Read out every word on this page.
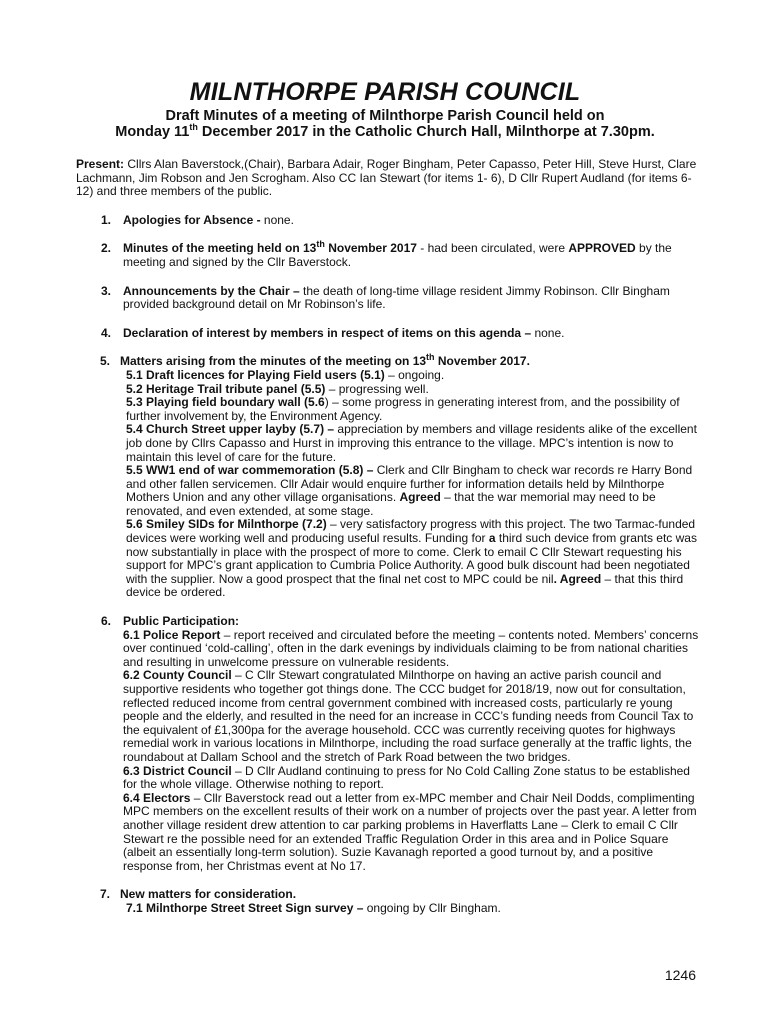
MILNTHORPE PARISH COUNCIL
Draft Minutes of a meeting of Milnthorpe Parish Council held on
Monday 11th December 2017 in the Catholic Church Hall, Milnthorpe at 7.30pm.

Present: Cllrs Alan Baverstock,(Chair), Barbara Adair, Roger Bingham, Peter Capasso, Peter Hill, Steve Hurst, Clare Lachmann, Jim Robson and Jen Scrogham. Also CC Ian Stewart (for items 1- 6), D Cllr Rupert Audland (for items 6-12) and three members of the public.

1. Apologies for Absence - none.
2. Minutes of the meeting held on 13th November 2017 - had been circulated, were APPROVED by the meeting and signed by the Cllr Baverstock.
3. Announcements by the Chair – the death of long-time village resident Jimmy Robinson. Cllr Bingham provided background detail on Mr Robinson’s life.
4. Declaration of interest by members in respect of items on this agenda – none.
5. Matters arising from the minutes of the meeting on 13th November 2017.

5.1 Draft licences for Playing Field users (5.1) – ongoing.

5.2 Heritage Trail tribute panel (5.5) – progressing well.

5.3 Playing field boundary wall (5.6) – some progress in generating interest from, and the possibility of further involvement by, the Environment Agency.

5.4 Church Street upper layby (5.7) – appreciation by members and village residents alike of the excellent job done by Cllrs Capasso and Hurst in improving this entrance to the village. MPC’s intention is now to maintain this level of care for the future.

5.5 WW1 end of war commemoration (5.8) – Clerk and Cllr Bingham to check war records re Harry Bond and other fallen servicemen. Cllr Adair would enquire further for information details held by Milnthorpe Mothers Union and any other village organisations. Agreed – that the war memorial may need to be renovated, and even extended, at some stage.

5.6 Smiley SIDs for Milnthorpe (7.2) – very satisfactory progress with this project. The two Tarmac-funded devices were working well and producing useful results. Funding for a third such device from grants etc was now substantially in place with the prospect of more to come. Clerk to email C Cllr Stewart requesting his support for MPC’s grant application to Cumbria Police Authority. A good bulk discount had been negotiated with the supplier. Now a good prospect that the final net cost to MPC could be nil. Agreed – that this third device be ordered.

6. Public Participation:

6.1 Police Report – report received and circulated before the meeting – contents noted. Members’ concerns over continued ‘cold-calling’, often in the dark evenings by individuals claiming to be from national charities and resulting in unwelcome pressure on vulnerable residents.

6.2 County Council – C Cllr Stewart congratulated Milnthorpe on having an active parish council and supportive residents who together got things done. The CCC budget for 2018/19, now out for consultation, reflected reduced income from central government combined with increased costs, particularly re young people and the elderly, and resulted in the need for an increase in CCC’s funding needs from Council Tax to the equivalent of £1,300pa for the average household. CCC was currently receiving quotes for highways remedial work in various locations in Milnthorpe, including the road surface generally at the traffic lights, the roundabout at Dallam School and the stretch of Park Road between the two bridges.

6.3 District Council – D Cllr Audland continuing to press for No Cold Calling Zone status to be established for the whole village. Otherwise nothing to report.

6.4 Electors – Cllr Baverstock read out a letter from ex-MPC member and Chair Neil Dodds, complimenting MPC members on the excellent results of their work on a number of projects over the past year. A letter from another village resident drew attention to car parking problems in Haverflatts Lane – Clerk to email C Cllr Stewart re the possible need for an extended Traffic Regulation Order in this area and in Police Square (albeit an essentially long-term solution). Suzie Kavanagh reported a good turnout by, and a positive response from, her Christmas event at No 17.

7. New matters for consideration.

7.1 Milnthorpe Street Street Sign survey – ongoing by Cllr Bingham.

1246
